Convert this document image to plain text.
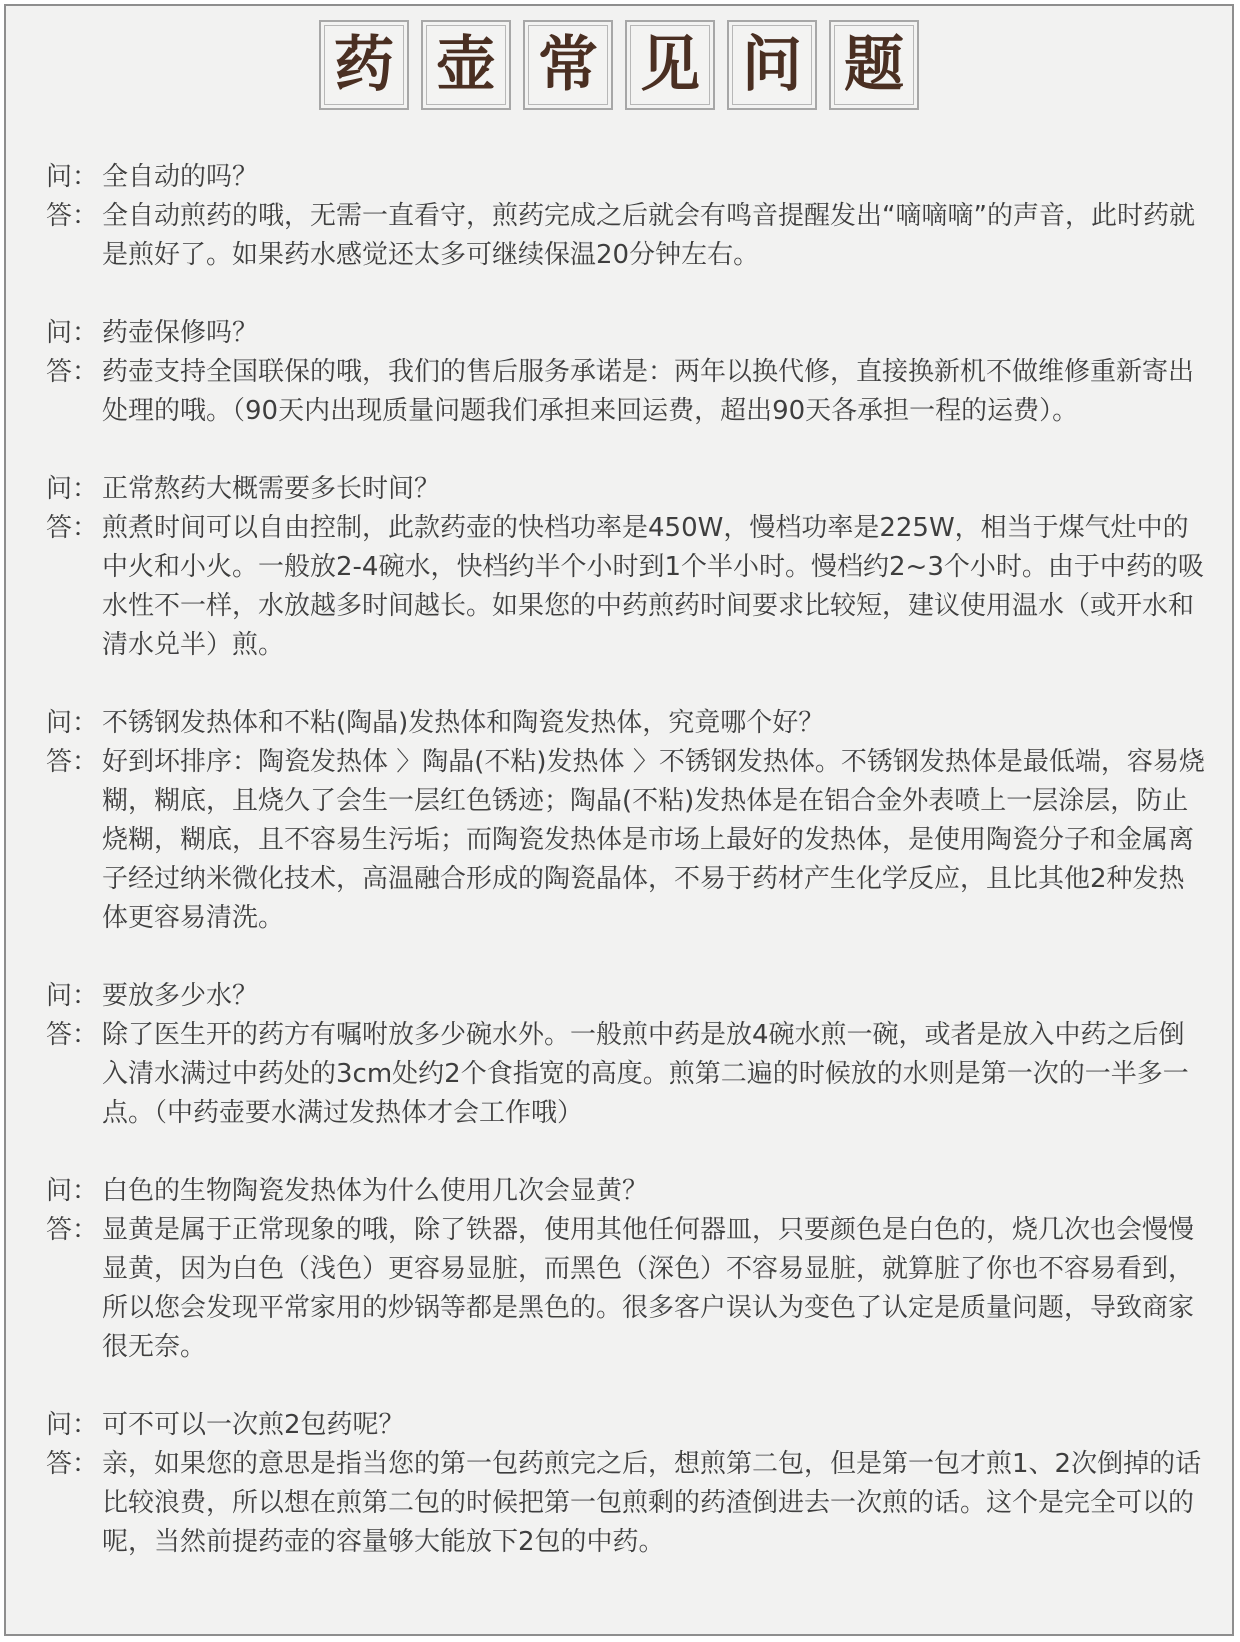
药 壶 常 见 问 题
问： 全自动的吗？
答： 全自动煎药的哦，无需一直看守，煎药完成之后就会有鸣音提醒发出“嘀嘀嘀”的声音，此时药就是煎好了。如果药水感觉还太多可继续保温20分钟左右。
问： 药壶保修吗？
答： 药壶支持全国联保的哦，我们的售后服务承诺是：两年以换代修，直接换新机不做维修重新寄出处理的哦。（90天内出现质量问题我们承担来回运费，超出90天各承担一程的运费）。
问： 正常熬药大概需要多长时间？
答： 煎煮时间可以自由控制，此款药壶的快档功率是450W，慢档功率是225W，相当于煤气灶中的中火和小火。一般放2-4碗水，快档约半个小时到1个半小时。慢档约2~3个小时。由于中药的吸水性不一样，水放越多时间越长。如果您的中药煎药时间要求比较短，建议使用温水（或开水和清水兑半）煎。
问： 不锈钢发热体和不粘(陶晶)发热体和陶瓷发热体，究竟哪个好？
答： 好到坏排序：陶瓷发热体 〉陶晶(不粘)发热体 〉不锈钢发热体。不锈钢发热体是最低端，容易烧糊，糊底，且烧久了会生一层红色锈迹；陶晶(不粘)发热体是在铝合金外表喷上一层涂层，防止烧糊，糊底，且不容易生污垢；而陶瓷发热体是市场上最好的发热体，是使用陶瓷分子和金属离子经过纳米微化技术，高温融合形成的陶瓷晶体，不易于药材产生化学反应，且比其他2种发热体更容易清洗。
问： 要放多少水？
答： 除了医生开的药方有嘱咐放多少碗水外。一般煎中药是放4碗水煎一碗，或者是放入中药之后倒入清水满过中药处的3cm处约2个食指宽的高度。煎第二遍的时候放的水则是第一次的一半多一点。（中药壶要水满过发热体才会工作哦）
问： 白色的生物陶瓷发热体为什么使用几次会显黄？
答： 显黄是属于正常现象的哦，除了铁器，使用其他任何器皿，只要颜色是白色的，烧几次也会慢慢显黄，因为白色（浅色）更容易显脏，而黑色（深色）不容易显脏，就算脏了你也不容易看到，所以您会发现平常家用的炒锅等都是黑色的。很多客户误认为变色了认定是质量问题，导致商家很无奈。
问： 可不可以一次煎2包药呢？
答： 亲，如果您的意思是指当您的第一包药煎完之后，想煎第二包，但是第一包才煎1、2次倒掉的话比较浪费，所以想在煎第二包的时候把第一包煎剩的药渣倒进去一次煎的话。这个是完全可以的呢，当然前提药壶的容量够大能放下2包的中药。
